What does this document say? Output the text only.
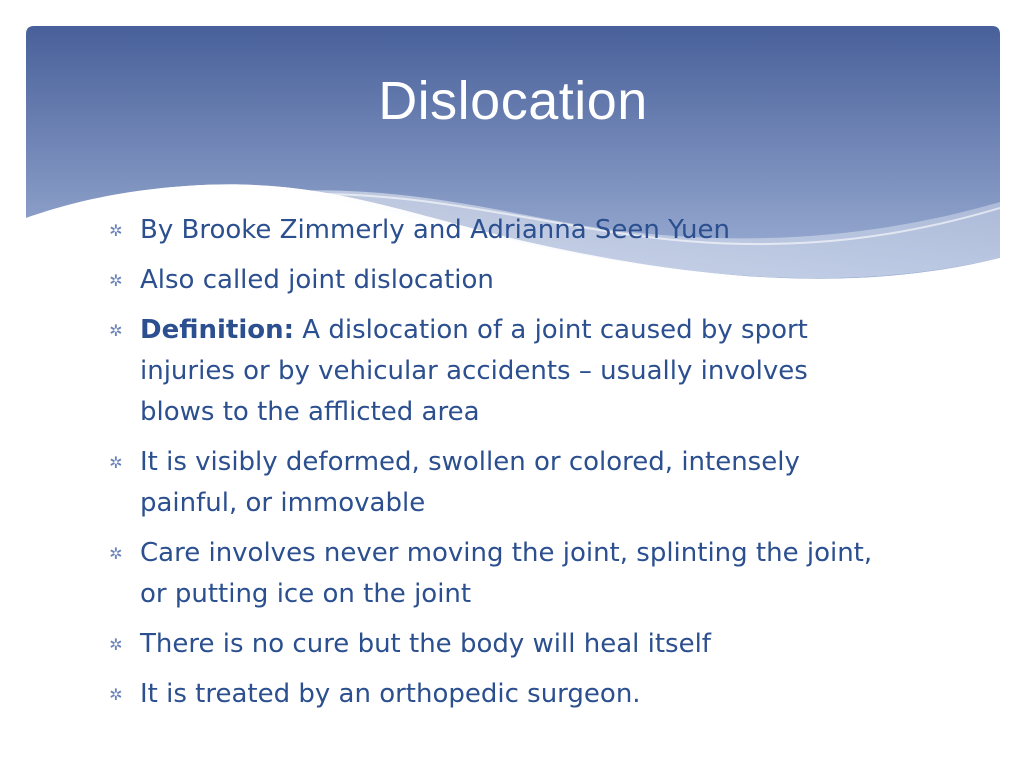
Dislocation
✲ By Brooke Zimmerly and Adrianna Seen Yuen
✲ Also called joint dislocation
✲ Definition: A dislocation of a joint caused by sport injuries or by vehicular accidents – usually involves blows to the afflicted area
✲ It is visibly deformed, swollen or colored, intensely painful, or immovable
✲ Care involves never moving the joint, splinting the joint, or putting ice on the joint
✲ There is no cure but the body will heal itself
✲ It is treated by an orthopedic surgeon.
